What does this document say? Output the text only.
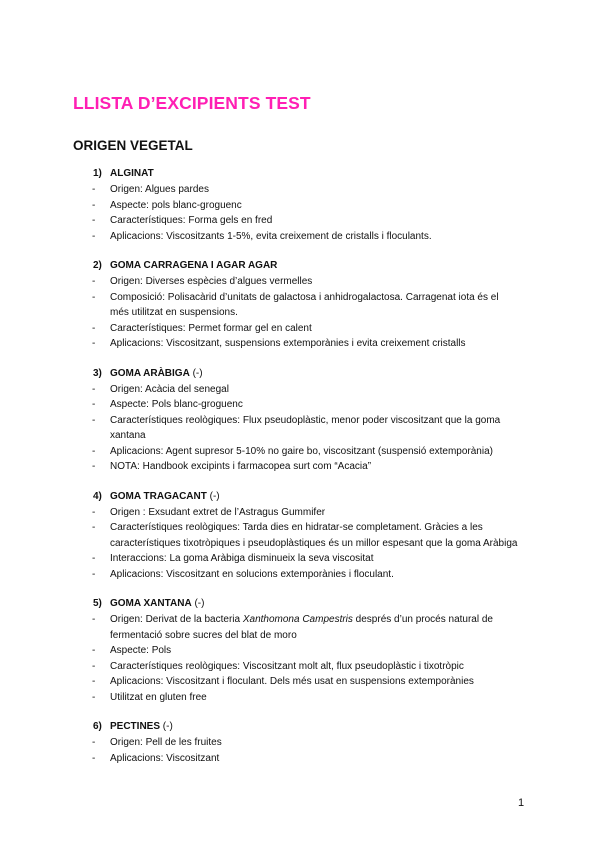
LLISTA D’EXCIPIENTS TEST
ORIGEN VEGETAL
1) ALGINAT
- Origen: Algues pardes
- Aspecte: pols blanc-groguenc
- Característiques: Forma gels en fred
- Aplicacions: Viscositzants 1-5%, evita creixement de cristalls i floculants.
2) GOMA CARRAGENA I AGAR AGAR
- Origen: Diverses espècies d’algues vermelles
- Composició: Polisacàrid d’unitats de galactosa i anhidrogalactosa. Carragenat iota és el més utilitzat en suspensions.
- Característiques: Permet formar gel en calent
- Aplicacions: Viscositzant, suspensions extemporànies i evita creixement cristalls
3) GOMA ARÀBIGA (-)
- Origen: Acàcia del senegal
- Aspecte: Pols blanc-groguenc
- Característiques reològiques: Flux pseudoplàstic, menor poder viscositzant que la goma xantana
- Aplicacions: Agent supresor 5-10% no gaire bo, viscositzant (suspensió extemporània)
- NOTA: Handbook excipints i farmacopea surt com “Acacia”
4) GOMA TRAGACANT (-)
- Origen : Exsudant extret de l’Astragus Gummifer
- Característiques reològiques: Tarda dies en hidratar-se completament. Gràcies a les característiques tixotròpiques i pseudoplàstiques és un millor espesant que la goma Aràbiga
- Interaccions: La goma Aràbiga disminueix la seva viscositat
- Aplicacions: Viscositzant en solucions extemporànies i floculant.
5) GOMA XANTANA (-)
- Origen: Derivat de la bacteria Xanthomona Campestris després d’un procés natural de fermentació sobre sucres del blat de moro
- Aspecte: Pols
- Característiques reològiques: Viscositzant molt alt, flux pseudoplàstic i tixotròpic
- Aplicacions: Viscositzant i floculant. Dels més usat en suspensions extemporànies
- Utilitzat en gluten free
6) PECTINES (-)
- Origen: Pell de les fruites
- Aplicacions: Viscositzant
1
